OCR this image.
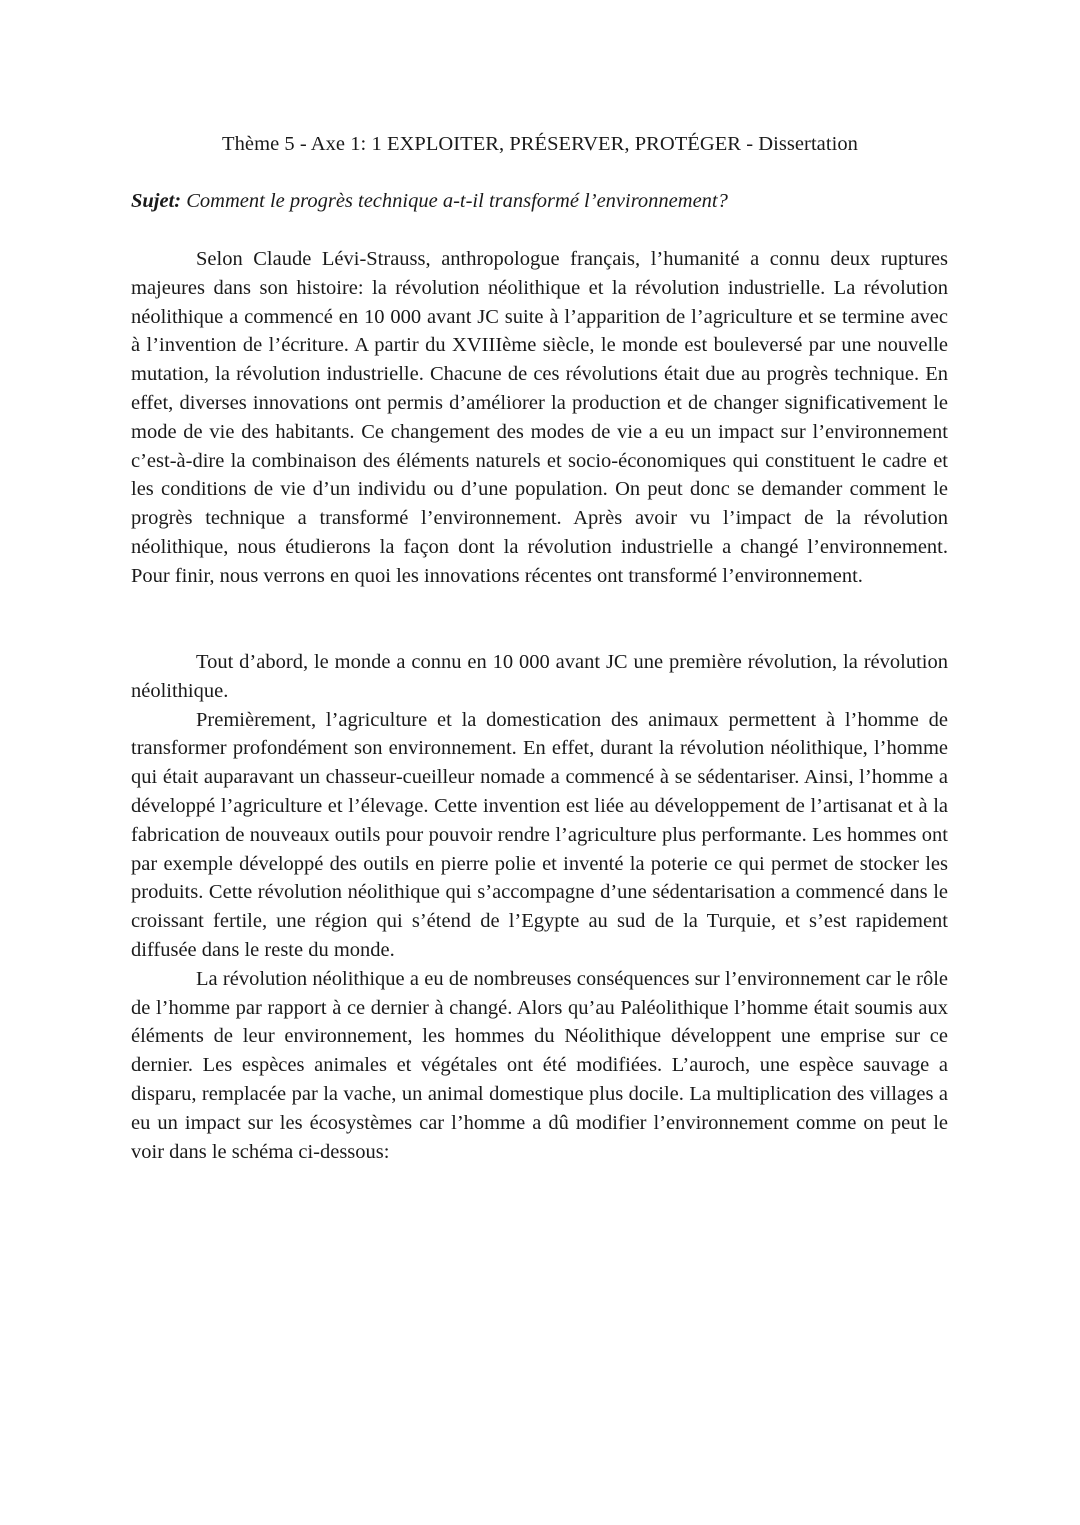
Thème 5 - Axe 1: 1 EXPLOITER, PRÉSERVER, PROTÉGER - Dissertation
Sujet: Comment le progrès technique a-t-il transformé l’environnement?

Selon Claude Lévi-Strauss, anthropologue français, l’humanité a connu deux ruptures majeures dans son histoire: la révolution néolithique et la révolution industrielle. La révolution néolithique a commencé en 10 000 avant JC suite à l’apparition de l’agriculture et se termine avec à l’invention de l’écriture. A partir du XVIIIème siècle, le monde est bouleversé par une nouvelle mutation, la révolution industrielle. Chacune de ces révolutions était due au progrès technique. En effet, diverses innovations ont permis d’améliorer la production et de changer significativement le mode de vie des habitants. Ce changement des modes de vie a eu un impact sur l’environnement c’est-à-dire la combinaison des éléments naturels et socio-économiques qui constituent le cadre et les conditions de vie d’un individu ou d’une population. On peut donc se demander comment le progrès technique a transformé l’environnement. Après avoir vu l’impact de la révolution néolithique, nous étudierons la façon dont la révolution industrielle a changé l’environnement. Pour finir, nous verrons en quoi les innovations récentes ont transformé l’environnement.

Tout d’abord, le monde a connu en 10 000 avant JC une première révolution, la révolution néolithique.

Premièrement, l’agriculture et la domestication des animaux permettent à l’homme de transformer profondément son environnement. En effet, durant la révolution néolithique, l’homme qui était auparavant un chasseur-cueilleur nomade a commencé à se sédentariser. Ainsi, l’homme a développé l’agriculture et l’élevage. Cette invention est liée au développement de l’artisanat et à la fabrication de nouveaux outils pour pouvoir rendre l’agriculture plus performante. Les hommes ont par exemple développé des outils en pierre polie et inventé la poterie ce qui permet de stocker les produits. Cette révolution néolithique qui s’accompagne d’une sédentarisation a commencé dans le croissant fertile, une région qui s’étend de l’Egypte au sud de la Turquie, et s’est rapidement diffusée dans le reste du monde.

La révolution néolithique a eu de nombreuses conséquences sur l’environnement car le rôle de l’homme par rapport à ce dernier à changé. Alors qu’au Paléolithique l’homme était soumis aux éléments de leur environnement, les hommes du Néolithique développent une emprise sur ce dernier. Les espèces animales et végétales ont été modifiées. L’auroch, une espèce sauvage a disparu, remplacée par la vache, un animal domestique plus docile. La multiplication des villages a eu un impact sur les écosystèmes car l’homme a dû modifier l’environnement comme on peut le voir dans le schéma ci-dessous:
